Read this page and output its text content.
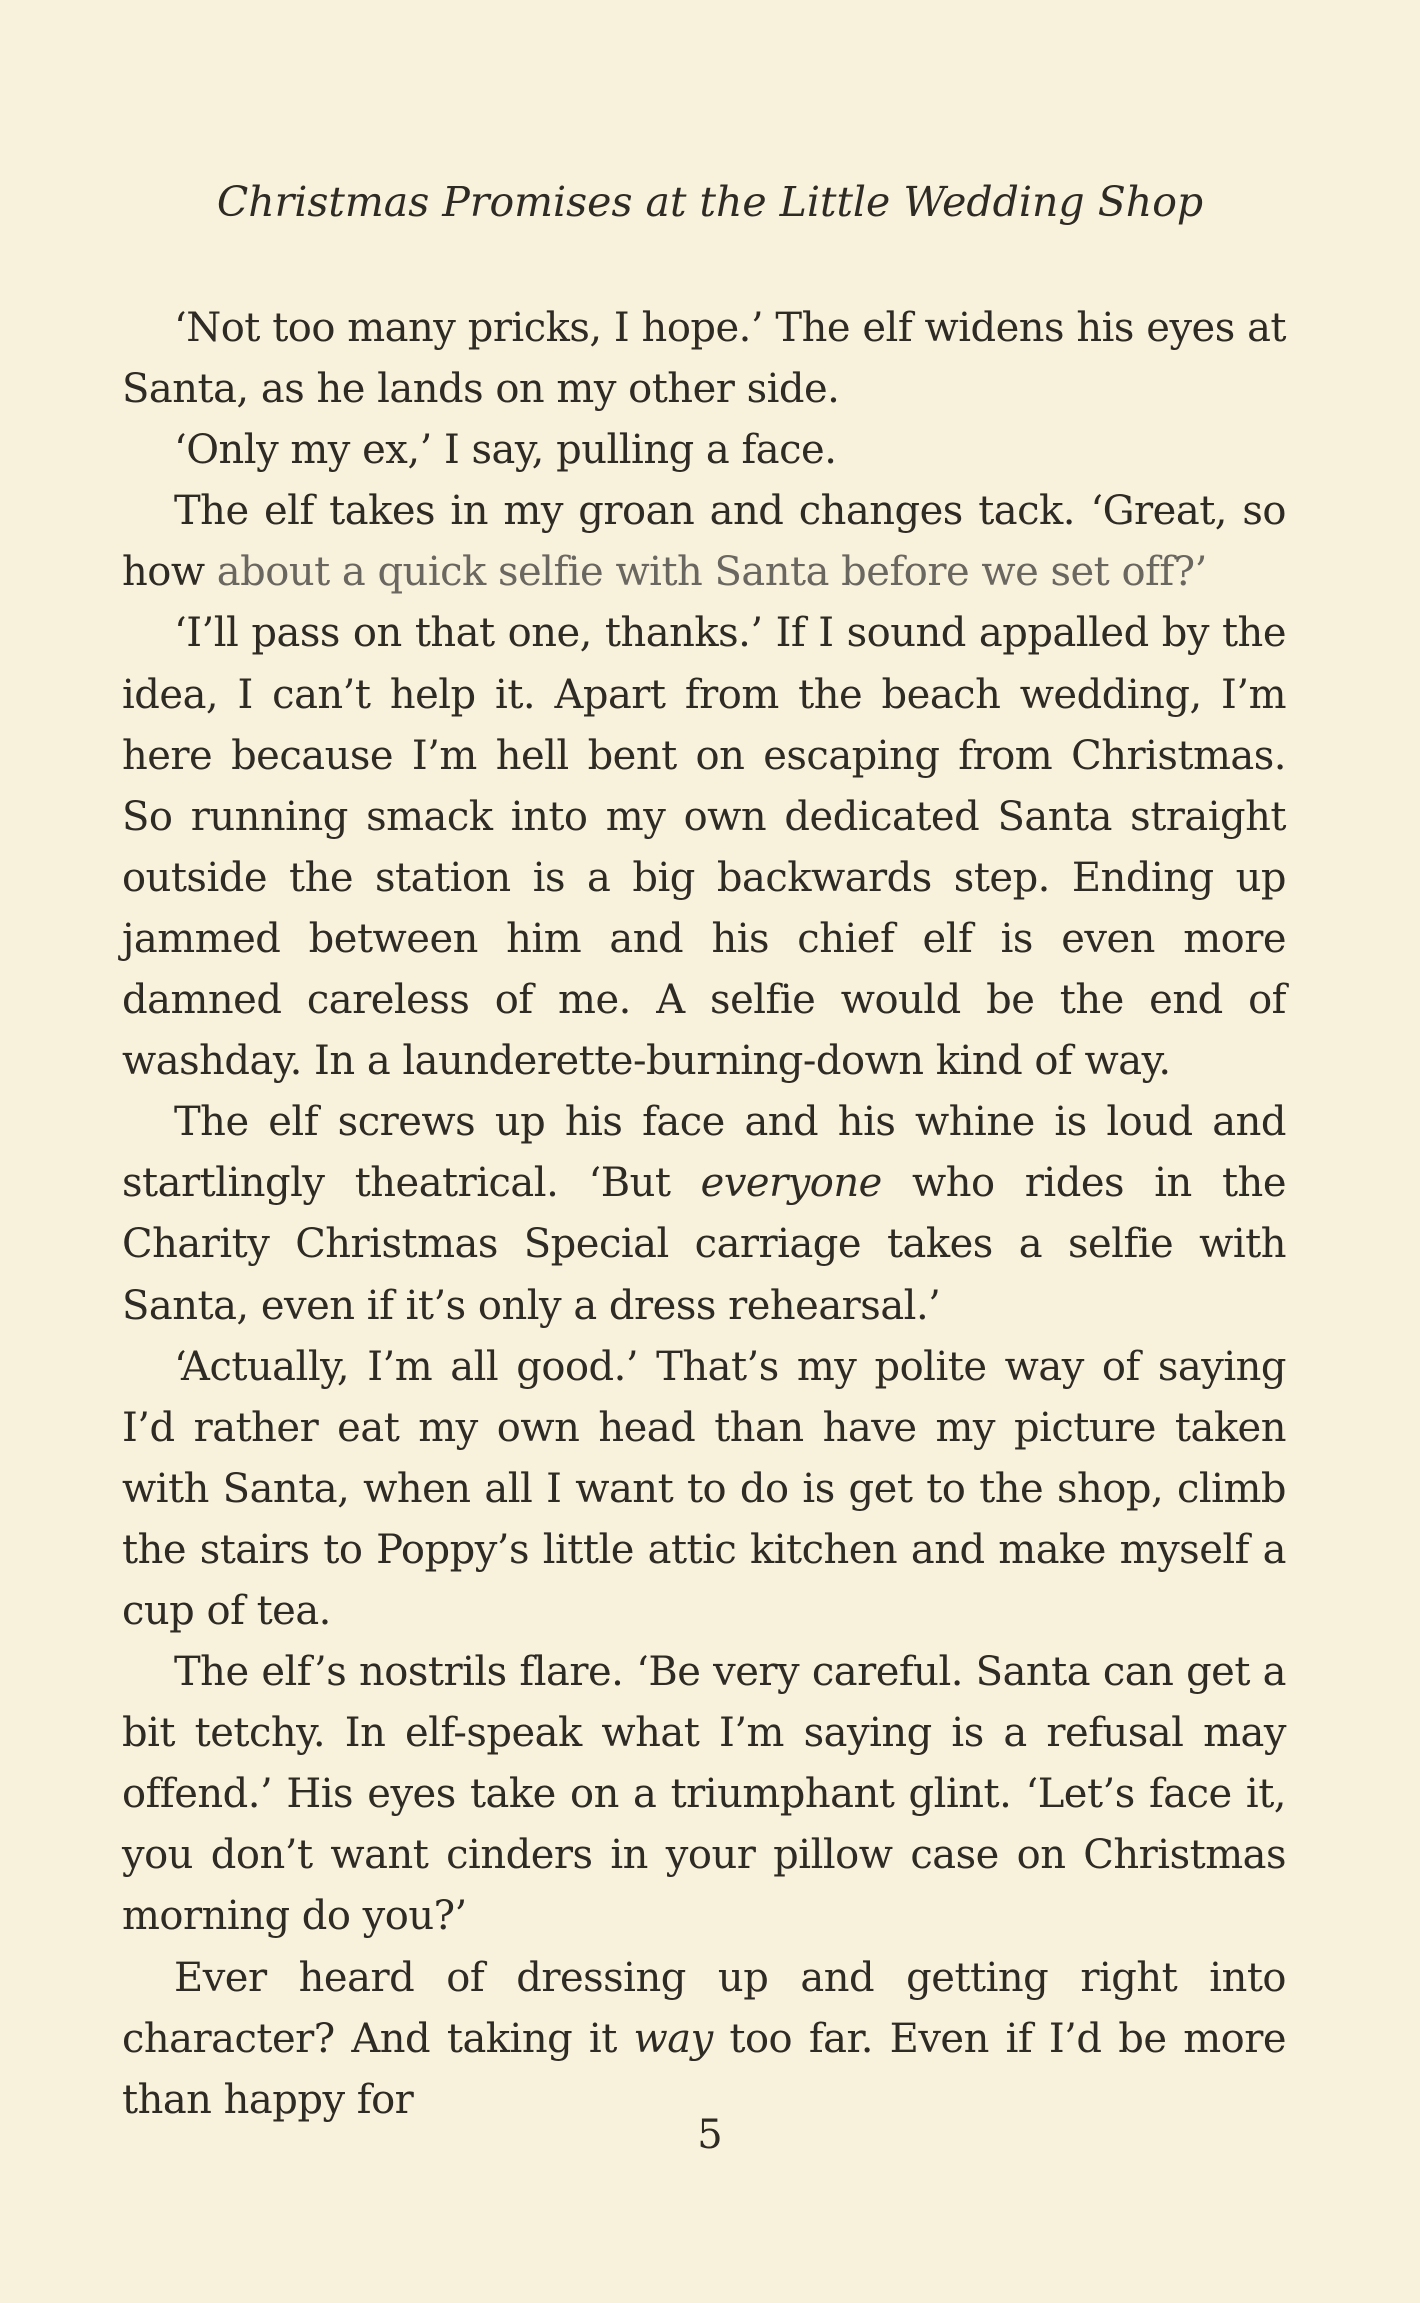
Christmas Promises at the Little Wedding Shop

‘Not too many pricks, I hope.’ The elf widens his eyes at Santa, as he lands on my other side.

‘Only my ex,’ I say, pulling a face.

The elf takes in my groan and changes tack. ‘Great, so how about a quick selfie with Santa before we set off?’

‘I’ll pass on that one, thanks.’ If I sound appalled by the idea, I can’t help it. Apart from the beach wedding, I’m here because I’m hell bent on escaping from Christmas. So running smack into my own dedicated Santa straight outside the station is a big backwards step. Ending up jammed between him and his chief elf is even more damned careless of me. A selfie would be the end of washday. In a launderette-burning-down kind of way.

The elf screws up his face and his whine is loud and startlingly theatrical. ‘But everyone who rides in the Charity Christmas Special carriage takes a selfie with Santa, even if it’s only a dress rehearsal.’

‘Actually, I’m all good.’ That’s my polite way of saying I’d rather eat my own head than have my picture taken with Santa, when all I want to do is get to the shop, climb the stairs to Poppy’s little attic kitchen and make myself a cup of tea.

The elf’s nostrils flare. ‘Be very careful. Santa can get a bit tetchy. In elf-speak what I’m saying is a refusal may offend.’ His eyes take on a triumphant glint. ‘Let’s face it, you don’t want cinders in your pillow case on Christmas morning do you?’

Ever heard of dressing up and getting right into character? And taking it way too far. Even if I’d be more than happy for

5
